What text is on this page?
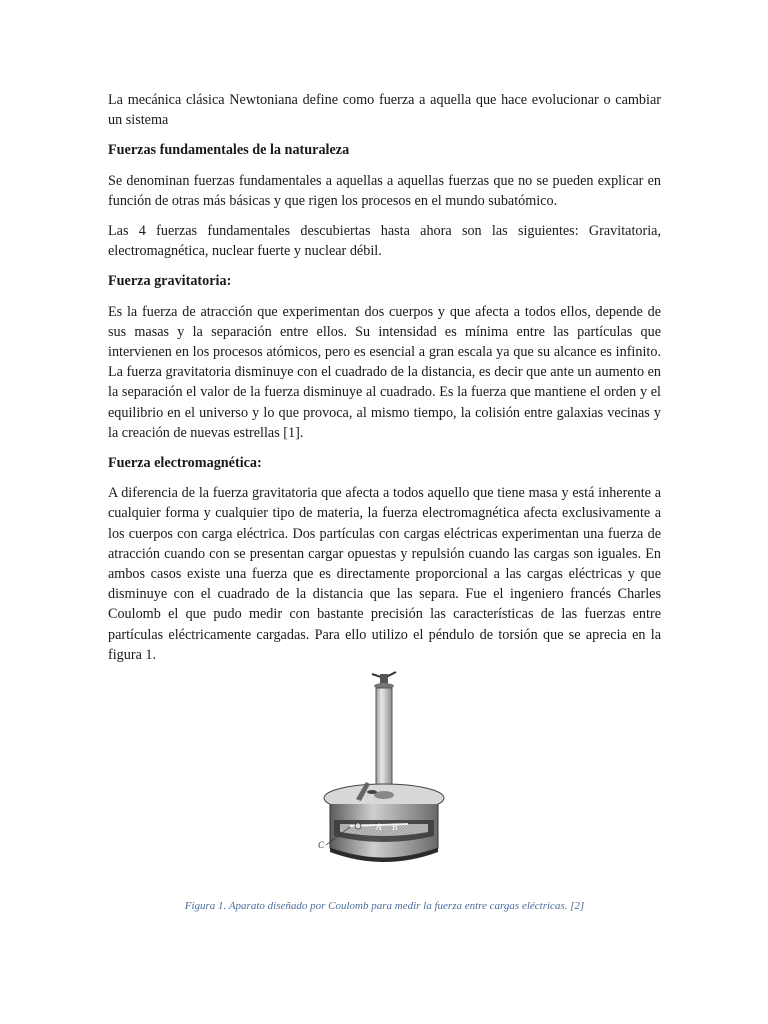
La mecánica clásica Newtoniana define como fuerza a aquella que hace evolucionar o cambiar un sistema

Fuerzas fundamentales de la naturaleza

Se denominan fuerzas fundamentales a aquellas a aquellas fuerzas que no se pueden explicar en función de otras más básicas y que rigen los procesos en el mundo subatómico.

Las 4 fuerzas fundamentales descubiertas hasta ahora son las siguientes: Gravitatoria, electromagnética, nuclear fuerte y nuclear débil.

Fuerza gravitatoria:

Es la fuerza de atracción que experimentan dos cuerpos y que afecta a todos ellos, depende de sus masas y la separación entre ellos. Su intensidad es mínima entre las partículas que intervienen en los procesos atómicos, pero es esencial a gran escala ya que su alcance es infinito. La fuerza gravitatoria disminuye con el cuadrado de la distancia, es decir que ante un aumento en la separación el valor de la fuerza disminuye al cuadrado. Es la fuerza que mantiene el orden y el equilibrio en el universo y lo que provoca, al mismo tiempo, la colisión entre galaxias vecinas y la creación de nuevas estrellas [1].

Fuerza electromagnética:

A diferencia de la fuerza gravitatoria que afecta a todos aquello que tiene masa y está inherente a cualquier forma y cualquier tipo de materia, la fuerza electromagnética afecta exclusivamente a los cuerpos con carga eléctrica. Dos partículas con cargas eléctricas experimentan una fuerza de atracción cuando con se presentan cargar opuestas y repulsión cuando las cargas son iguales. En ambos casos existe una fuerza que es directamente proporcional a las cargas eléctricas y que disminuye con el cuadrado de la distancia que las separa. Fue el ingeniero francés Charles Coulomb el que pudo medir con bastante precisión las características de las fuerzas entre partículas eléctricamente cargadas. Para ello utilizo el péndulo de torsión que se aprecia en la figura 1.

A B
C

Figura 1. Aparato diseñado por Coulomb para medir la fuerza entre cargas eléctricas. [2]
